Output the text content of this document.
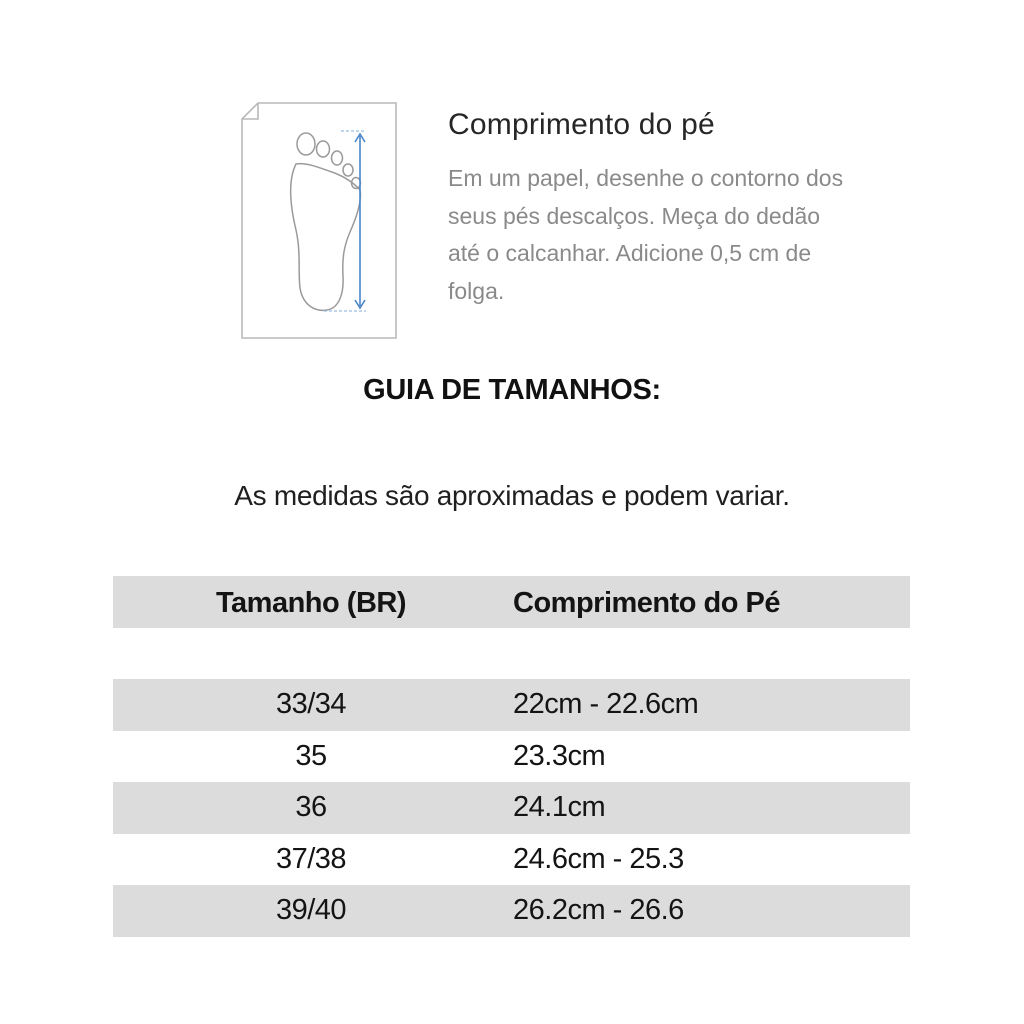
Comprimento do pé
Em um papel, desenhe o contorno dos seus pés descalços. Meça do dedão até o calcanhar. Adicione 0,5 cm de folga.
GUIA DE TAMANHOS:
As medidas são aproximadas e podem variar.
Tamanho (BR)	Comprimento do Pé
33/34	22cm - 22.6cm
35	23.3cm
36	24.1cm
37/38	24.6cm - 25.3
39/40	26.2cm - 26.6
